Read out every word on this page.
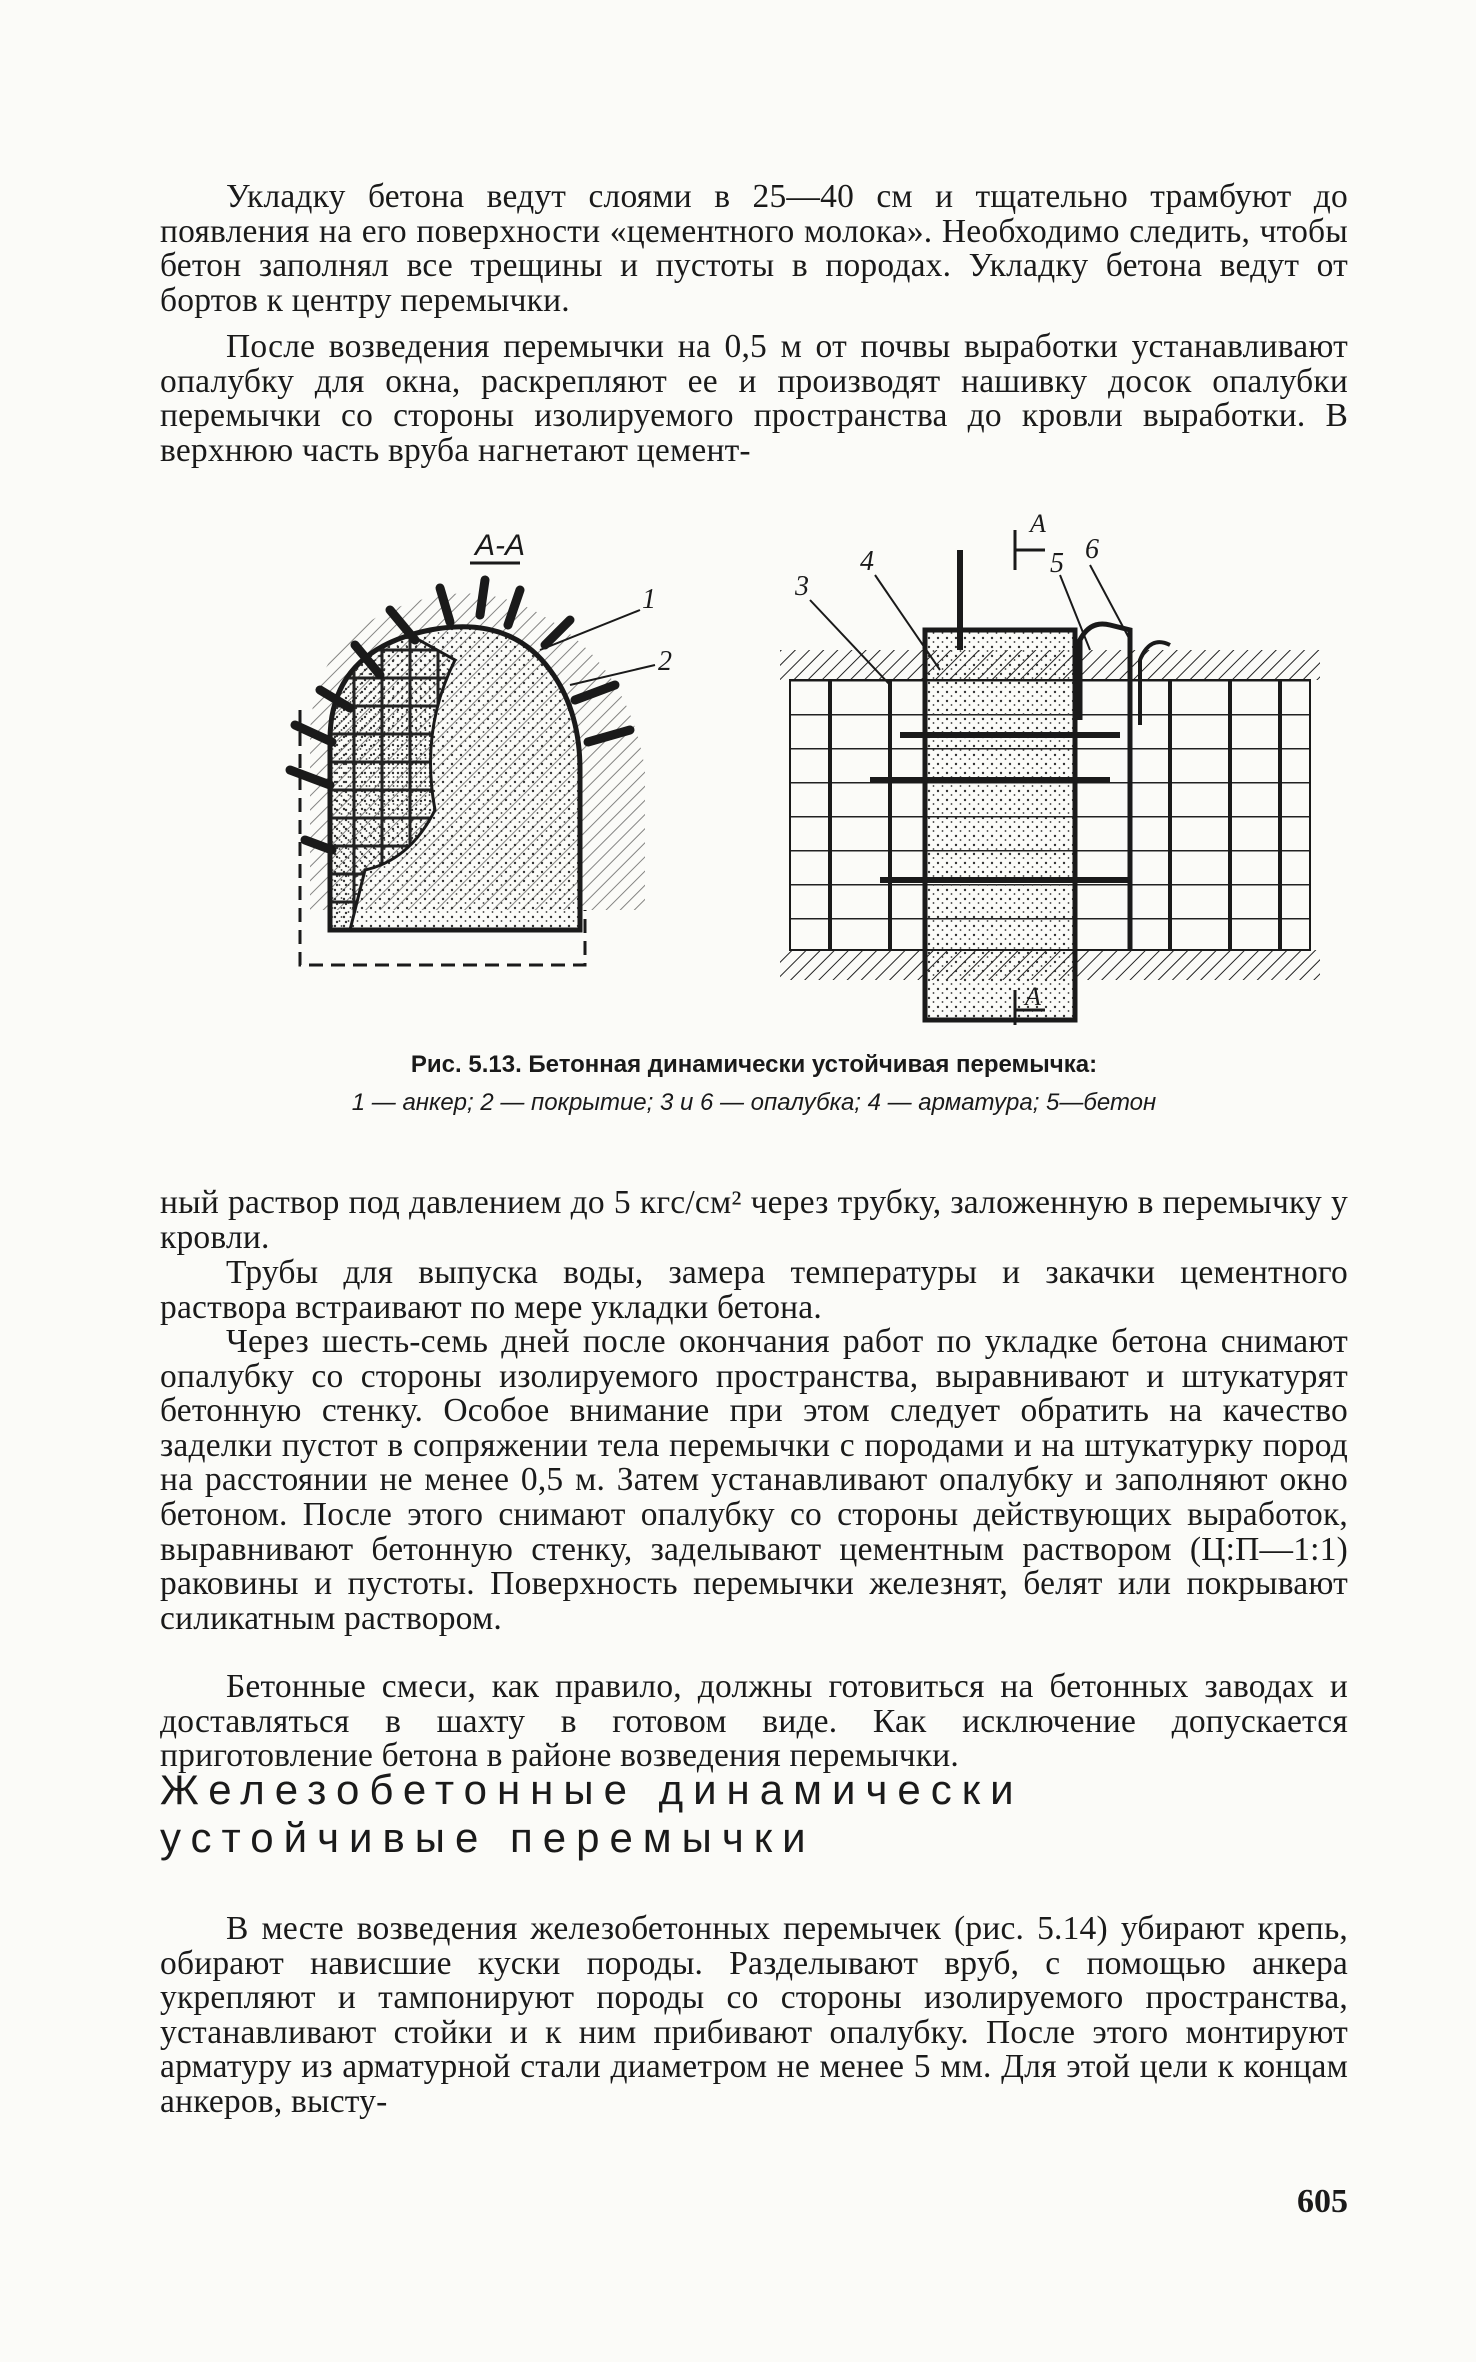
Укладку бетона ведут слоями в 25—40 см и тщательно трамбуют до появления на его поверхности «цементного молока». Необходимо следить, чтобы бетон заполнял все трещины и пустоты в породах. Укладку бетона ведут от бортов к центру перемычки.

После возведения перемычки на 0,5 м от почвы выработки устанавливают опалубку для окна, раскрепляют ее и производят нашивку досок опалубки перемычки со стороны изолируемого пространства до кровли выработки. В верхнюю часть вруба нагнетают цемент-

А-А
1
2
А
А
3
4	5 6

Рис. 5.13. Бетонная динамически устойчивая перемычка:

1 — анкер; 2 — покрытие; 3 и 6 — опалубка; 4 — арматура; 5—бетон

ный раствор под давлением до 5 кгс/см² через трубку, заложенную в перемычку у кровли.

Трубы для выпуска воды, замера температуры и закачки цементного раствора встраивают по мере укладки бетона.

Через шесть-семь дней после окончания работ по укладке бетона снимают опалубку со стороны изолируемого пространства, выравнивают и штукатурят бетонную стенку. Особое внимание при этом следует обратить на качество заделки пустот в сопряжении тела перемычки с породами и на штукатурку пород на расстоянии не менее 0,5 м. Затем устанавливают опалубку и заполняют окно бетоном. После этого снимают опалубку со стороны действующих выработок, выравнивают бетонную стенку, заделывают цементным раствором (Ц:П—1:1) раковины и пустоты. Поверхность перемычки железнят, белят или покрывают силикатным раствором.

Бетонные смеси, как правило, должны готовиться на бетонных заводах и доставляться в шахту в готовом виде. Как исключение допускается приготовление бетона в районе возведения перемычки.

Железобетонные динамически устойчивые перемычки

В месте возведения железобетонных перемычек (рис. 5.14) убирают крепь, обирают нависшие куски породы. Разделывают вруб, с помощью анкера укрепляют и тампонируют породы со стороны изолируемого пространства, устанавливают стойки и к ним прибивают опалубку. После этого монтируют арматуру из арматурной стали диаметром не менее 5 мм. Для этой цели к концам анкеров, высту-

605
